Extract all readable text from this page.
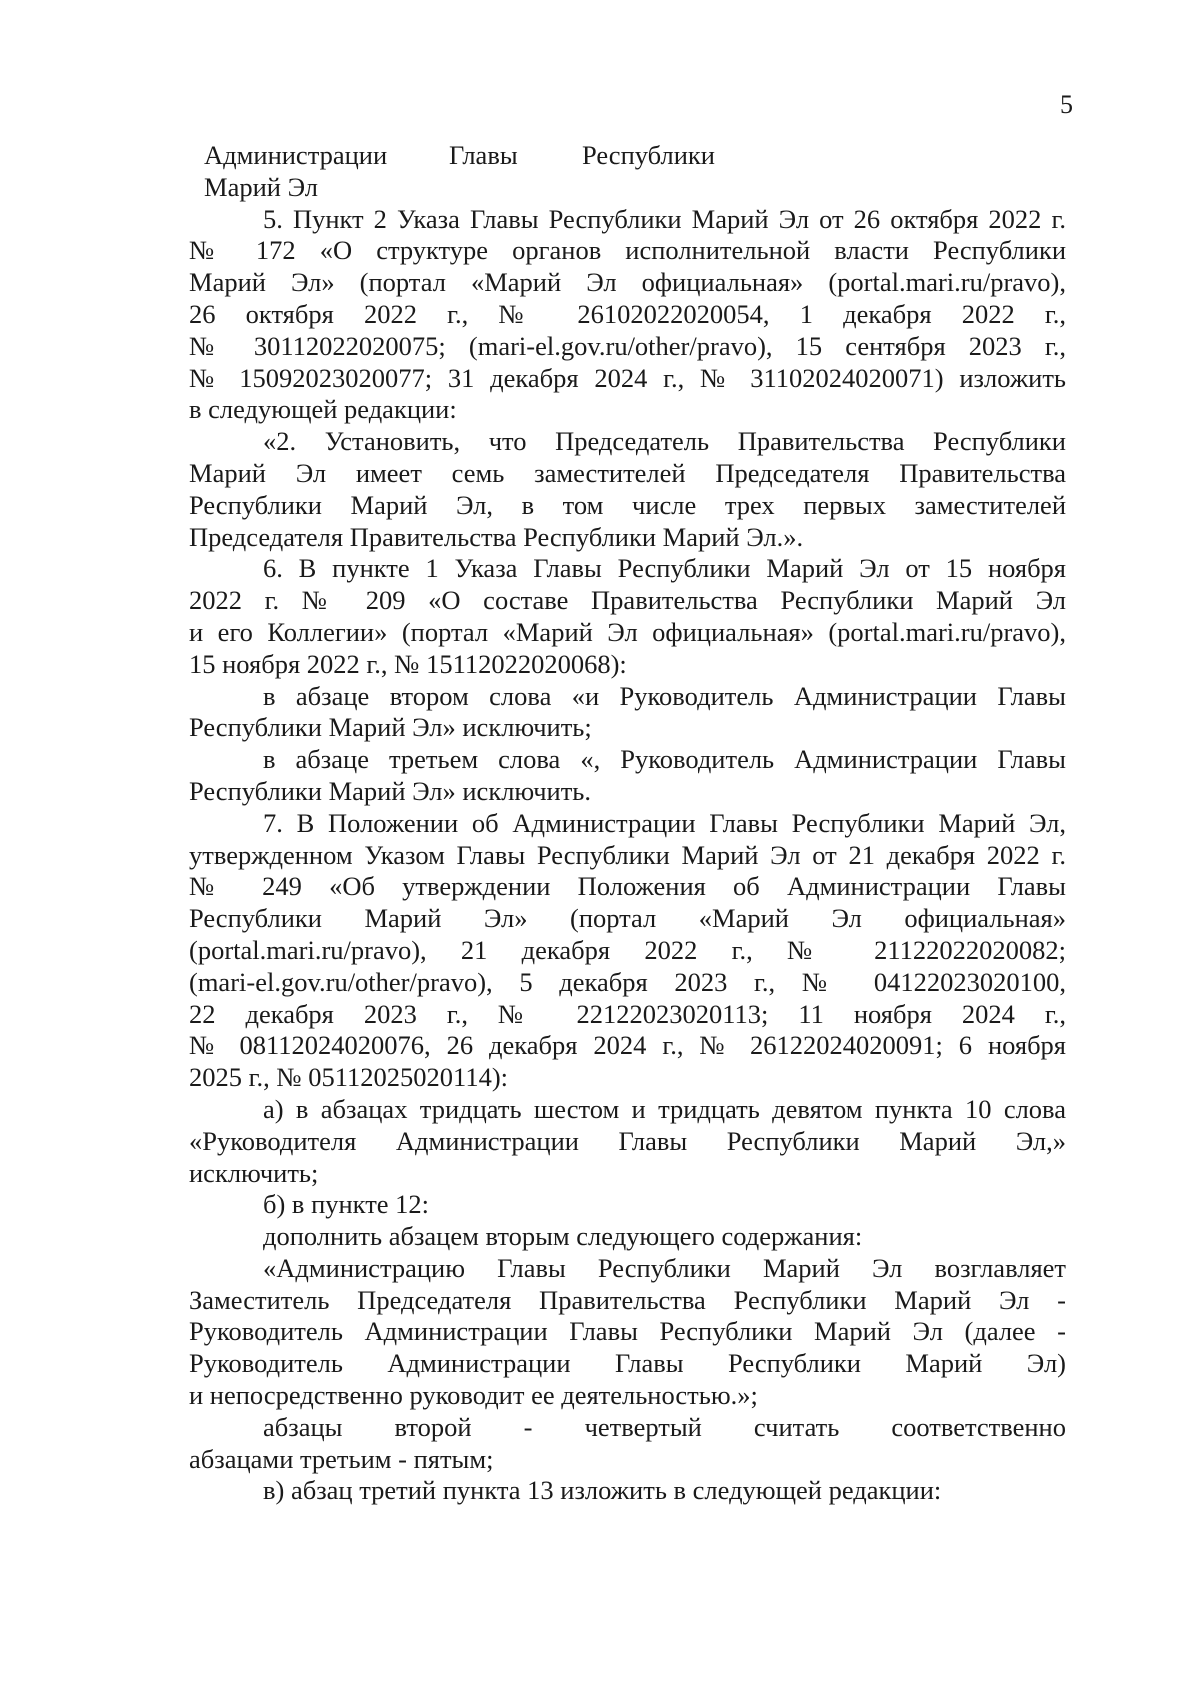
5
Администрации Главы Республики
Марий Эл
5. Пункт 2 Указа Главы Республики Марий Эл от 26 октября 2022 г.
№ 172 «О структуре органов исполнительной власти Республики
Марий Эл» (портал «Марий Эл официальная» (portal.mari.ru/pravo),
26 октября 2022 г., № 26102022020054, 1 декабря 2022 г.,
№ 30112022020075; (mari-el.gov.ru/other/pravo), 15 сентября 2023 г.,
№ 15092023020077; 31 декабря 2024 г., № 31102024020071) изложить
в следующей редакции:
«2. Установить, что Председатель Правительства Республики
Марий Эл имеет семь заместителей Председателя Правительства
Республики Марий Эл, в том числе трех первых заместителей
Председателя Правительства Республики Марий Эл.».
6. В пункте 1 Указа Главы Республики Марий Эл от 15 ноября
2022 г. № 209 «О составе Правительства Республики Марий Эл
и его Коллегии» (портал «Марий Эл официальная» (portal.mari.ru/pravo),
15 ноября 2022 г., № 15112022020068):
в абзаце втором слова «и Руководитель Администрации Главы
Республики Марий Эл» исключить;
в абзаце третьем слова «, Руководитель Администрации Главы
Республики Марий Эл» исключить.
7. В Положении об Администрации Главы Республики Марий Эл,
утвержденном Указом Главы Республики Марий Эл от 21 декабря 2022 г.
№ 249 «Об утверждении Положения об Администрации Главы
Республики Марий Эл» (портал «Марий Эл официальная»
(portal.mari.ru/pravo), 21 декабря 2022 г., № 21122022020082;
(mari-el.gov.ru/other/pravo), 5 декабря 2023 г., № 04122023020100,
22 декабря 2023 г., № 22122023020113; 11 ноября 2024 г.,
№ 08112024020076, 26 декабря 2024 г., № 26122024020091; 6 ноября
2025 г., № 05112025020114):
а) в абзацах тридцать шестом и тридцать девятом пункта 10 слова
«Руководителя Администрации Главы Республики Марий Эл,»
исключить;
б) в пункте 12:
дополнить абзацем вторым следующего содержания:
«Администрацию Главы Республики Марий Эл возглавляет
Заместитель Председателя Правительства Республики Марий Эл -
Руководитель Администрации Главы Республики Марий Эл (далее -
Руководитель Администрации Главы Республики Марий Эл)
и непосредственно руководит ее деятельностью.»;
абзацы второй - четвертый считать соответственно
абзацами третьим - пятым;
в) абзац третий пункта 13 изложить в следующей редакции:
